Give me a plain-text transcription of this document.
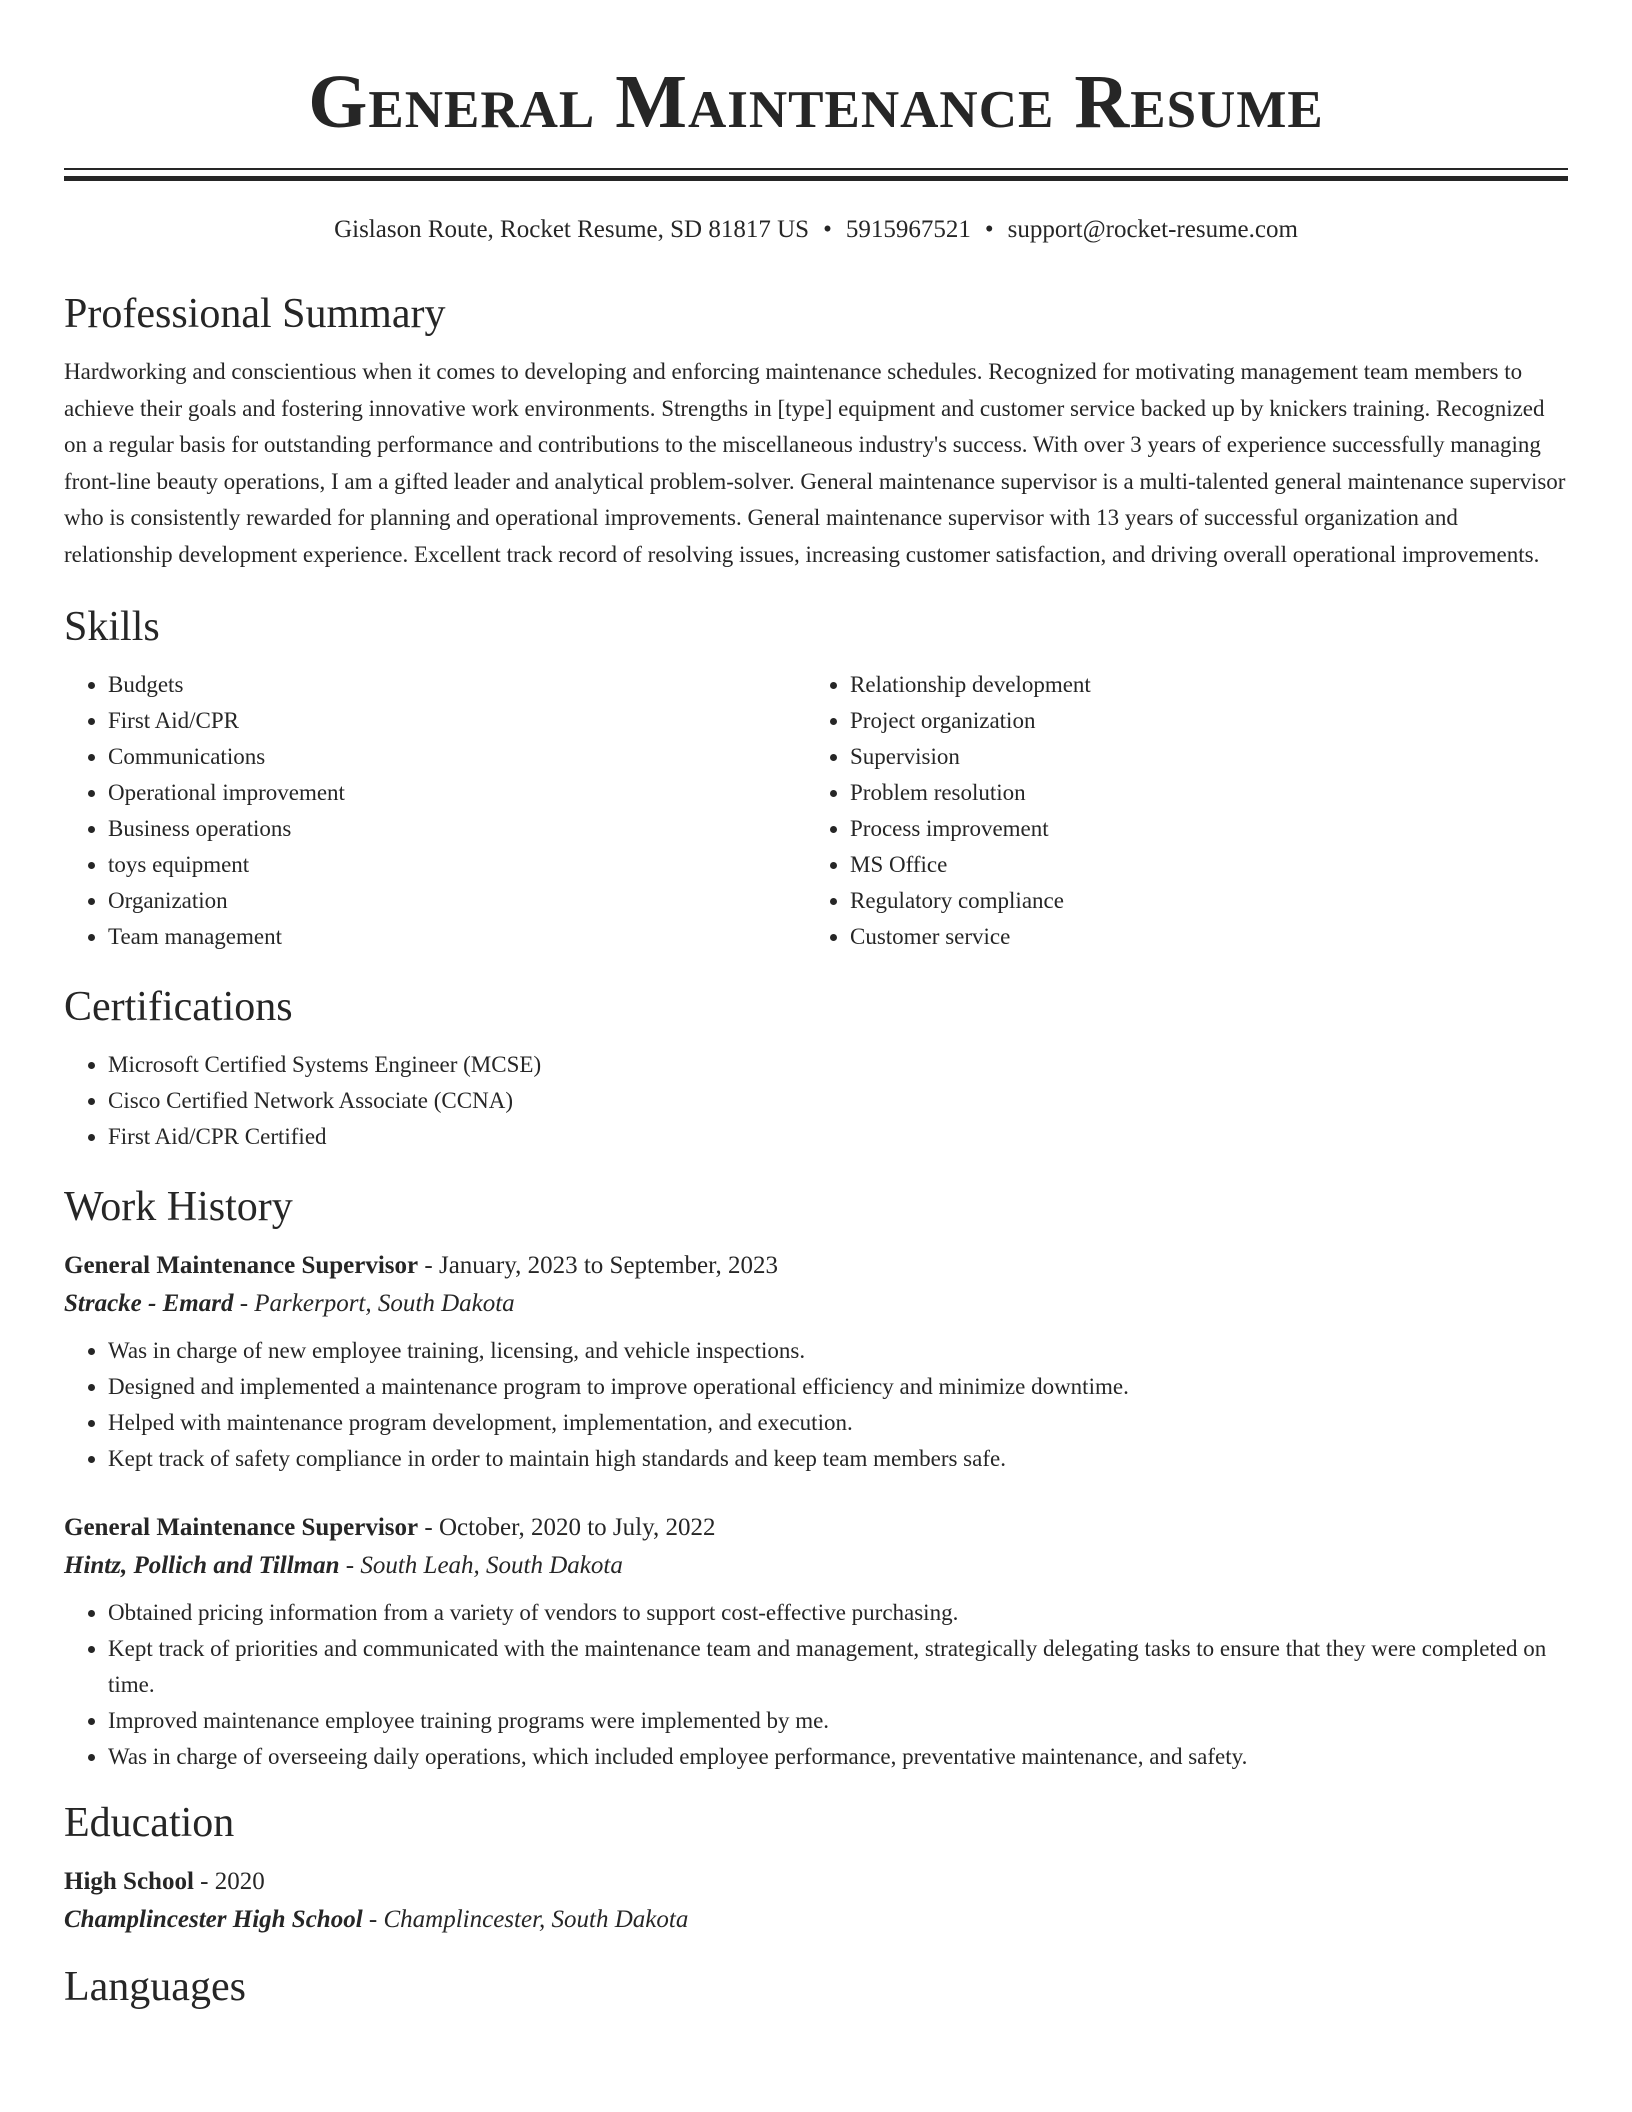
General Maintenance Resume
Gislason Route, Rocket Resume, SD 81817 US • 5915967521 • support@rocket-resume.com
Professional Summary

Hardworking and conscientious when it comes to developing and enforcing maintenance schedules. Recognized for motivating management team members to achieve their goals and fostering innovative work environments. Strengths in [type] equipment and customer service backed up by knickers training. Recognized on a regular basis for outstanding performance and contributions to the miscellaneous industry's success. With over 3 years of experience successfully managing front-line beauty operations, I am a gifted leader and analytical problem-solver. General maintenance supervisor is a multi-talented general maintenance supervisor who is consistently rewarded for planning and operational improvements. General maintenance supervisor with 13 years of successful organization and relationship development experience. Excellent track record of resolving issues, increasing customer satisfaction, and driving overall operational improvements.

Skills
• Budgets
• First Aid/CPR
• Communications
• Operational improvement
• Business operations
• toys equipment
• Organization
• Team management
• Relationship development
• Project organization
• Supervision
• Problem resolution
• Process improvement
• MS Office
• Regulatory compliance
• Customer service
Certifications
• Microsoft Certified Systems Engineer (MCSE)
• Cisco Certified Network Associate (CCNA)
• First Aid/CPR Certified
Work History
General Maintenance Supervisor - January, 2023 to September, 2023
Stracke - Emard - Parkerport, South Dakota
• Was in charge of new employee training, licensing, and vehicle inspections.
• Designed and implemented a maintenance program to improve operational efficiency and minimize downtime.
• Helped with maintenance program development, implementation, and execution.
• Kept track of safety compliance in order to maintain high standards and keep team members safe.
General Maintenance Supervisor - October, 2020 to July, 2022
Hintz, Pollich and Tillman - South Leah, South Dakota
• Obtained pricing information from a variety of vendors to support cost-effective purchasing.
• Kept track of priorities and communicated with the maintenance team and management, strategically delegating tasks to ensure that they were completed on time.
• Improved maintenance employee training programs were implemented by me.
• Was in charge of overseeing daily operations, which included employee performance, preventative maintenance, and safety.
Education
High School - 2020
Champlincester High School - Champlincester, South Dakota
Languages
